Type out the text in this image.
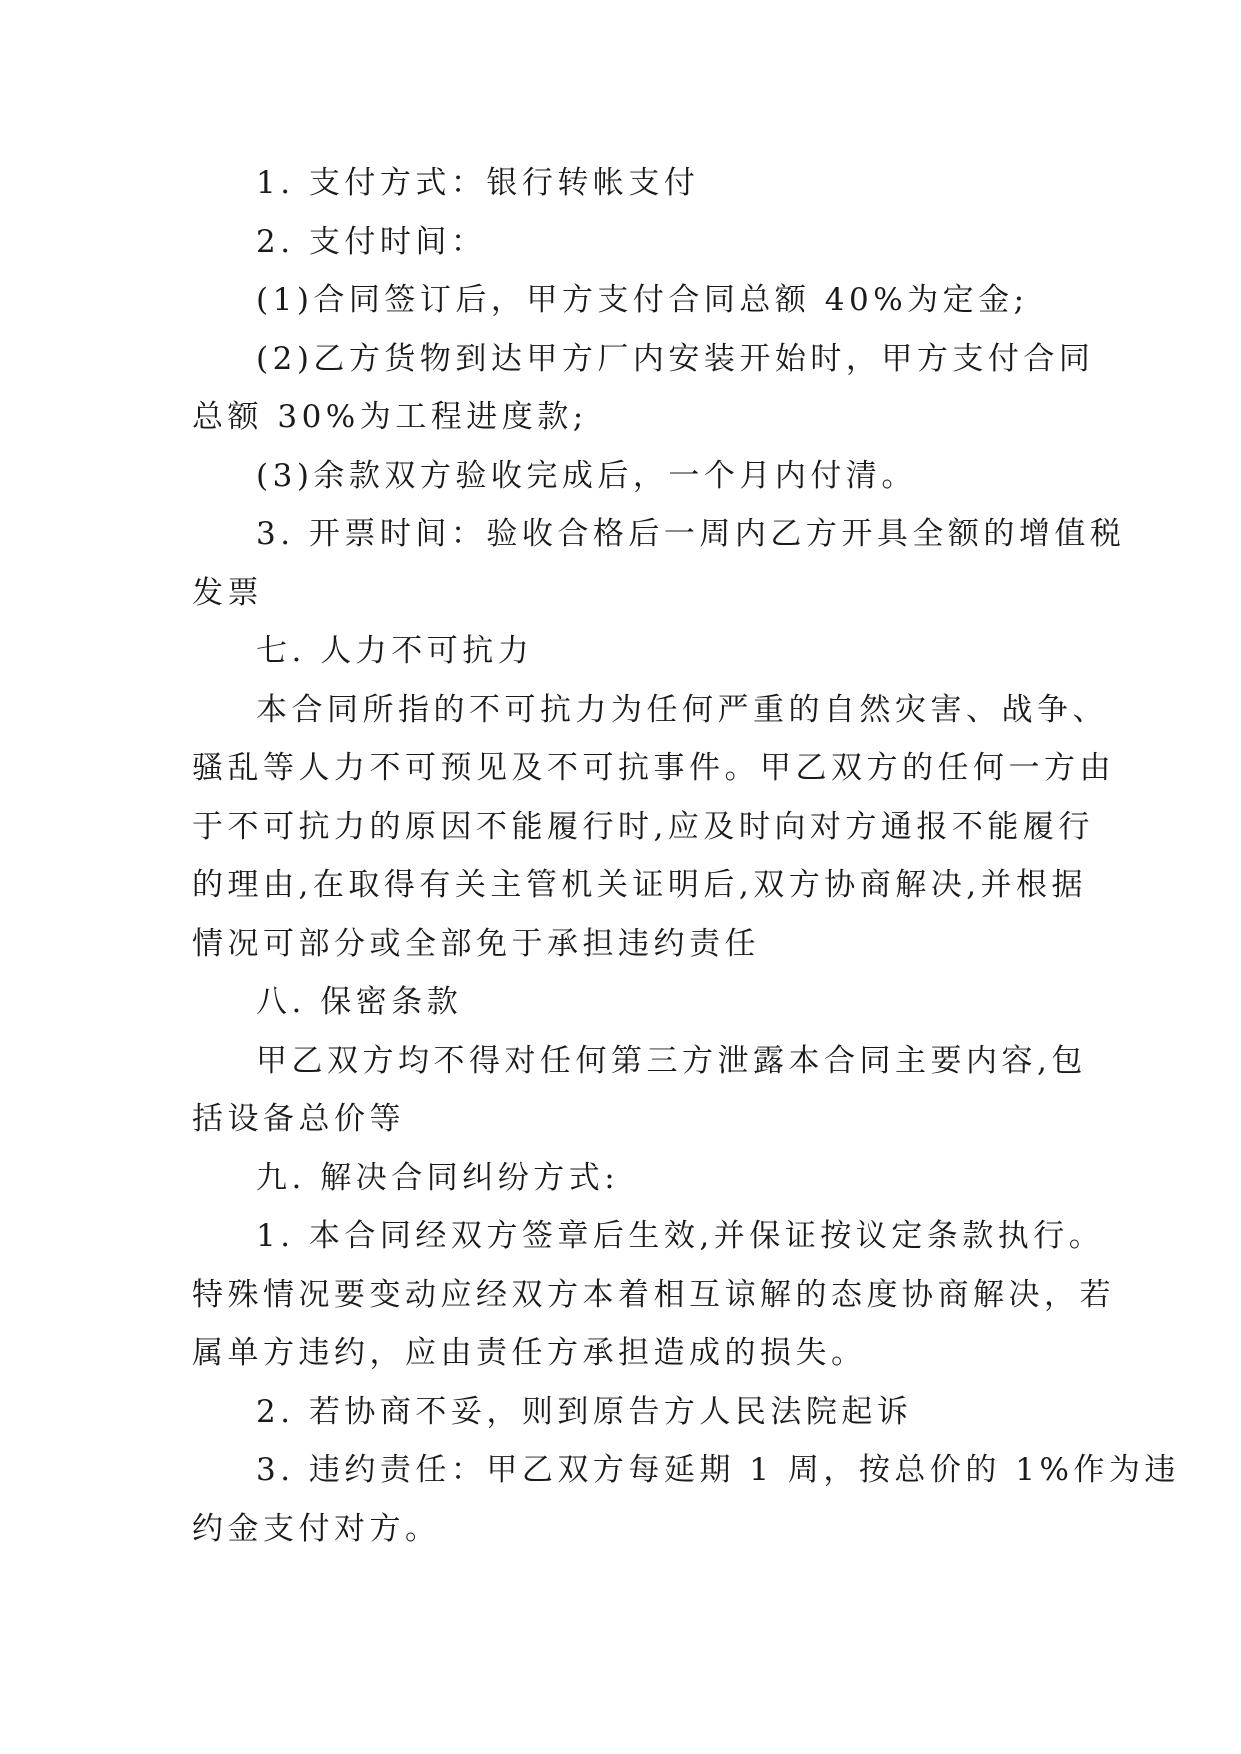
1. 支付方式：银行转帐支付

2. 支付时间：

(1)合同签订后，甲方支付合同总额 40%为定金;

(2)乙方货物到达甲方厂内安装开始时，甲方支付合同

总额 30%为工程进度款;

(3)余款双方验收完成后，一个月内付清。

3. 开票时间：验收合格后一周内乙方开具全额的增值税

发票

七. 人力不可抗力

本合同所指的不可抗力为任何严重的自然灾害、战争、

骚乱等人力不可预见及不可抗事件。甲乙双方的任何一方由

于不可抗力的原因不能履行时,应及时向对方通报不能履行

的理由,在取得有关主管机关证明后,双方协商解决,并根据

情况可部分或全部免于承担违约责任

八. 保密条款

甲乙双方均不得对任何第三方泄露本合同主要内容,包

括设备总价等

九. 解决合同纠纷方式:

1. 本合同经双方签章后生效,并保证按议定条款执行。

特殊情况要变动应经双方本着相互谅解的态度协商解决，若

属单方违约，应由责任方承担造成的损失。

2. 若协商不妥，则到原告方人民法院起诉

3. 违约责任：甲乙双方每延期 1 周，按总价的 1%作为违

约金支付对方。
